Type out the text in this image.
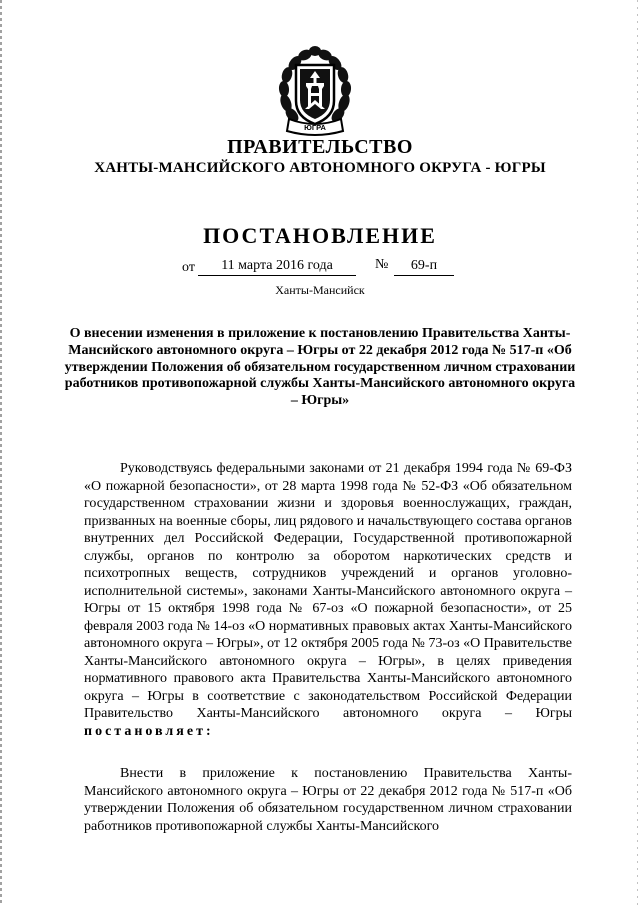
ЮГРА
ПРАВИТЕЛЬСТВО
ХАНТЫ-МАНСИЙСКОГО АВТОНОМНОГО ОКРУГА - ЮГРЫ
ПОСТАНОВЛЕНИЕ
от	11 марта 2016 года	№	69-п
Ханты-Мансийск
О внесении изменения в приложение к постановлению Правительства Ханты-Мансийского автономного округа – Югры от 22 декабря 2012 года № 517-п «Об утверждении Положения об обязательном государственном личном страховании работников противопожарной службы Ханты-Мансийского автономного округа – Югры»
Руководствуясь федеральными законами от 21 декабря 1994 года № 69-ФЗ «О пожарной безопасности», от 28 марта 1998 года № 52-ФЗ «Об обязательном государственном страховании жизни и здоровья военнослужащих, граждан, призванных на военные сборы, лиц рядового и начальствующего состава органов внутренних дел Российской Федерации, Государственной противопожарной службы, органов по контролю за оборотом наркотических средств и психотропных веществ, сотрудников учреждений и органов уголовно-исполнительной системы», законами Ханты-Мансийского автономного округа – Югры от 15 октября 1998 года № 67-оз «О пожарной безопасности», от 25 февраля 2003 года № 14-оз «О нормативных правовых актах Ханты-Мансийского автономного округа – Югры», от 12 октября 2005 года № 73-оз «О Правительстве Ханты-Мансийского автономного округа – Югры», в целях приведения нормативного правового акта Правительства Ханты-Мансийского автономного округа – Югры в соответствие с законодательством Российской Федерации Правительство Ханты-Мансийского автономного округа – Югры постановляет:
Внести в приложение к постановлению Правительства Ханты-Мансийского автономного округа – Югры от 22 декабря 2012 года № 517-п «Об утверждении Положения об обязательном государственном личном страховании работников противопожарной службы Ханты-Мансийского
